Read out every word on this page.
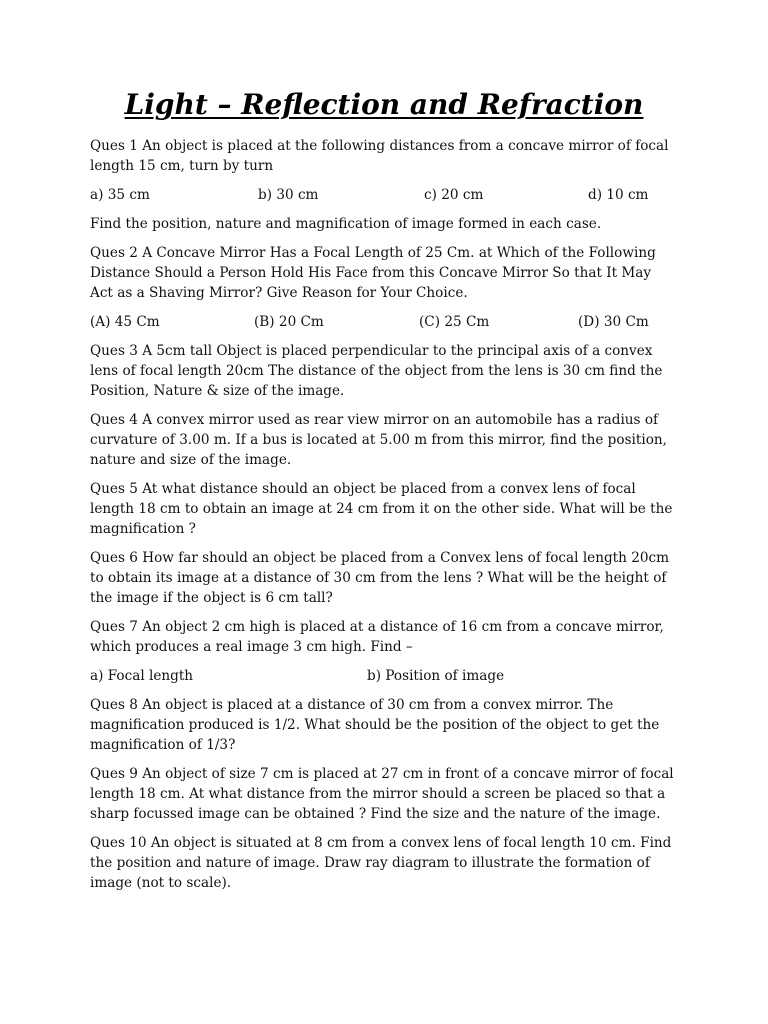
Light – Reflection and Refraction

Ques 1 An object is placed at the following distances from a concave mirror of focal length 15 cm, turn by turn

a) 35 cm	b) 30 cm	c) 20 cm	d) 10 cm

Find the position, nature and magnification of image formed in each case.

Ques 2 A Concave Mirror Has a Focal Length of 25 Cm. at Which of the Following Distance Should a Person Hold His Face from this Concave Mirror So that It May Act as a Shaving Mirror? Give Reason for Your Choice.

(A) 45 Cm	(B) 20 Cm	(C) 25 Cm	(D) 30 Cm

Ques 3 A 5cm tall Object is placed perpendicular to the principal axis of a convex lens of focal length 20cm The distance of the object from the lens is 30 cm find the Position, Nature & size of the image.

Ques 4 A convex mirror used as rear view mirror on an automobile has a radius of curvature of 3.00 m. If a bus is located at 5.00 m from this mirror, find the position, nature and size of the image.

Ques 5 At what distance should an object be placed from a convex lens of focal length 18 cm to obtain an image at 24 cm from it on the other side. What will be the magnification ?

Ques 6 How far should an object be placed from a Convex lens of focal length 20cm to obtain its image at a distance of 30 cm from the lens ? What will be the height of the image if the object is 6 cm tall?

Ques 7 An object 2 cm high is placed at a distance of 16 cm from a concave mirror, which produces a real image 3 cm high. Find –

a) Focal length	b) Position of image

Ques 8 An object is placed at a distance of 30 cm from a convex mirror. The magnification produced is 1/2. What should be the position of the object to get the magnification of 1/3?

Ques 9 An object of size 7 cm is placed at 27 cm in front of a concave mirror of focal length 18 cm. At what distance from the mirror should a screen be placed so that a sharp focussed image can be obtained ? Find the size and the nature of the image.

Ques 10 An object is situated at 8 cm from a convex lens of focal length 10 cm. Find the position and nature of image. Draw ray diagram to illustrate the formation of image (not to scale).
